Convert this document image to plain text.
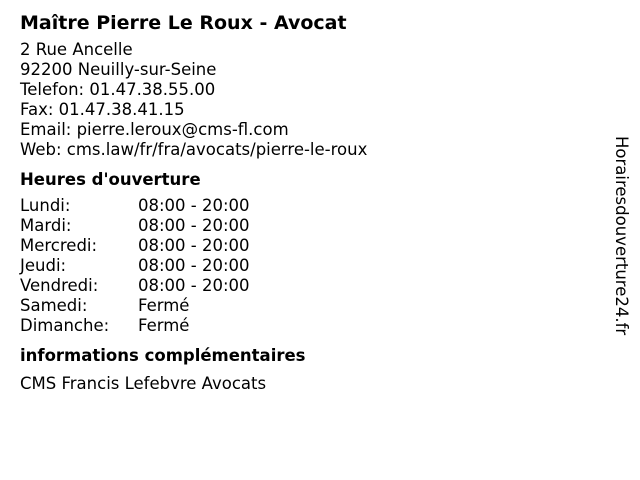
Maître Pierre Le Roux - Avocat
2 Rue Ancelle
92200 Neuilly-sur-Seine
Telefon: 01.47.38.55.00
Fax: 01.47.38.41.15
Email: pierre.leroux@cms-fl.com
Web: cms.law/fr/fra/avocats/pierre-le-roux
Heures d'ouverture
Lundi:	08:00 - 20:00
Mardi:	08:00 - 20:00
Mercredi:	08:00 - 20:00
Jeudi:	08:00 - 20:00
Vendredi:	08:00 - 20:00
Samedi:	Fermé
Dimanche:	Fermé
informations complémentaires
CMS Francis Lefebvre Avocats
Horairesdouverture24.fr
